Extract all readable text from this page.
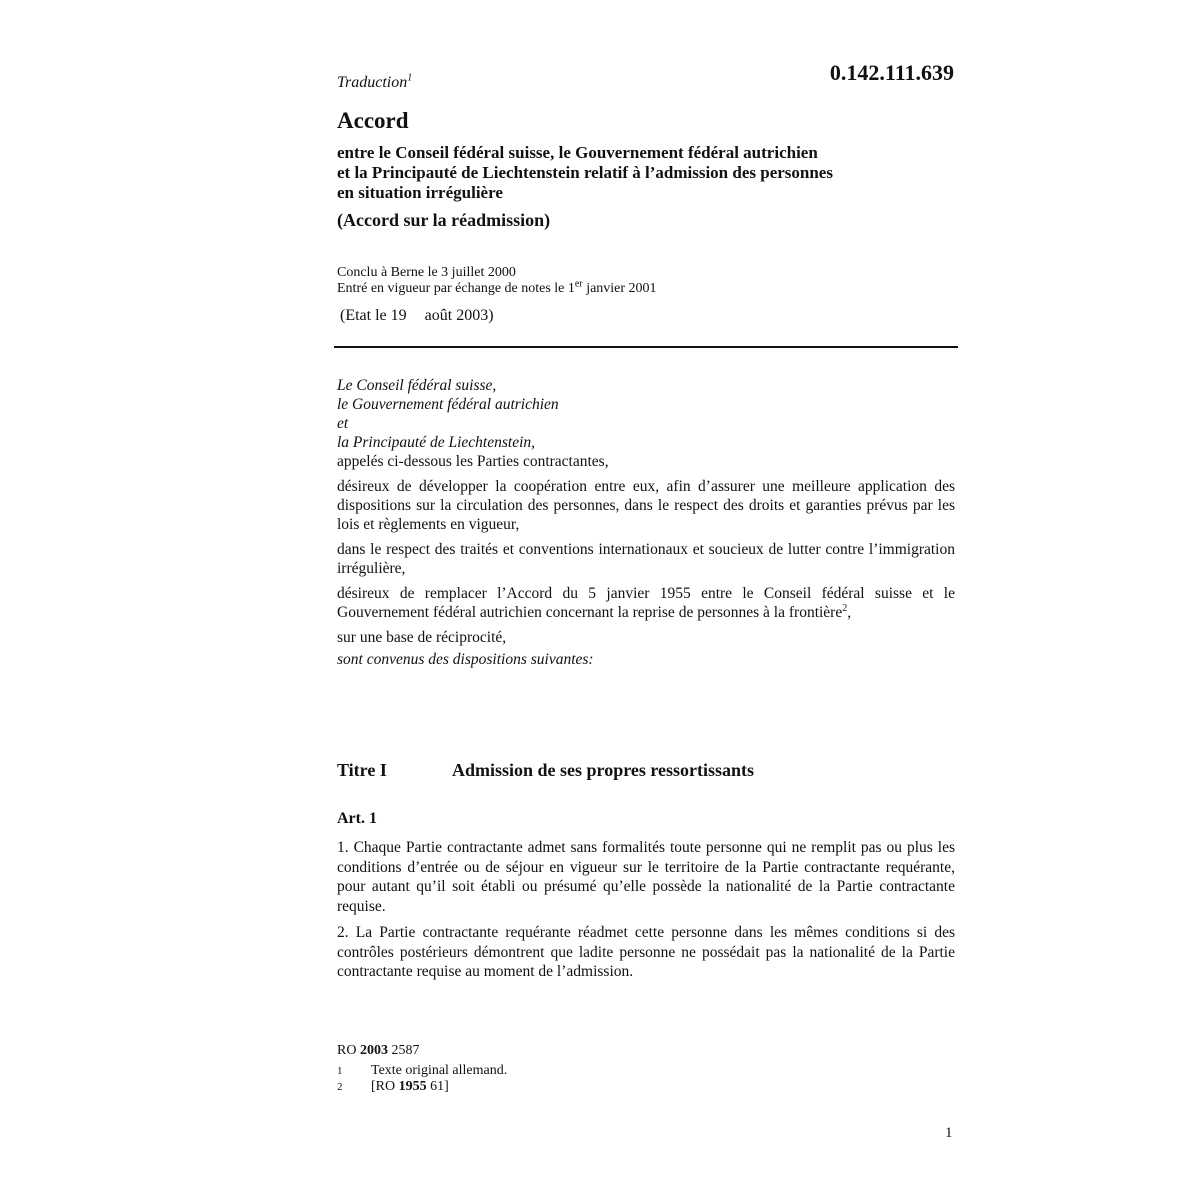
Traduction$^1$	0.142.111.639
Accord
entre le Conseil fédéral suisse, le Gouvernement fédéral autrichien
et la Principauté de Liechtenstein relatif à l’admission des personnes
en situation irrégulière
(Accord sur la réadmission)
Conclu à Berne le 3 juillet 2000
Entré en vigueur par échange de notes le 1er janvier 2001
(Etat le 19 août 2003)

Le Conseil fédéral suisse,

le Gouvernement fédéral autrichien

et

la Principauté de Liechtenstein,

appelés ci-dessous les Parties contractantes,

désireux de développer la coopération entre eux, afin d’assurer une meilleure application des dispositions sur la circulation des personnes, dans le respect des droits et garanties prévus par les lois et règlements en vigueur,

dans le respect des traités et conventions internationaux et soucieux de lutter contre l’immigration irrégulière,

désireux de remplacer l’Accord du 5 janvier 1955 entre le Conseil fédéral suisse et le Gouvernement fédéral autrichien concernant la reprise de personnes à la frontière$^2$,

sur une base de réciprocité,

sont convenus des dispositions suivantes:

Titre I	Admission de ses propres ressortissants
Art. 1

1. Chaque Partie contractante admet sans formalités toute personne qui ne remplit pas ou plus les conditions d’entrée ou de séjour en vigueur sur le territoire de la Partie contractante requérante, pour autant qu’il soit établi ou présumé qu’elle possède la nationalité de la Partie contractante requise.

2. La Partie contractante requérante réadmet cette personne dans les mêmes conditions si des contrôles postérieurs démontrent que ladite personne ne possédait pas la nationalité de la Partie contractante requise au moment de l’admission.

RO 2003 2587
1	Texte original allemand.
2	[RO 1955 61]
1
